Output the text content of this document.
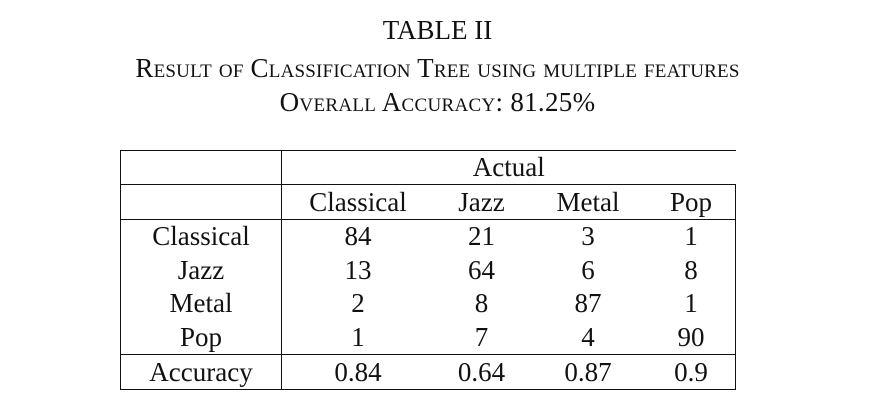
TABLE II
Result of Classification Tree using multiple features
Overall Accuracy: 81.25%
	Actual			
	Classical	Jazz	Metal	Pop
Classical	84	21	3	1
Jazz	13	64	6	8
Metal	2	8	87	1
Pop	1	7	4	90
Accuracy	0.84	0.64	0.87	0.9
